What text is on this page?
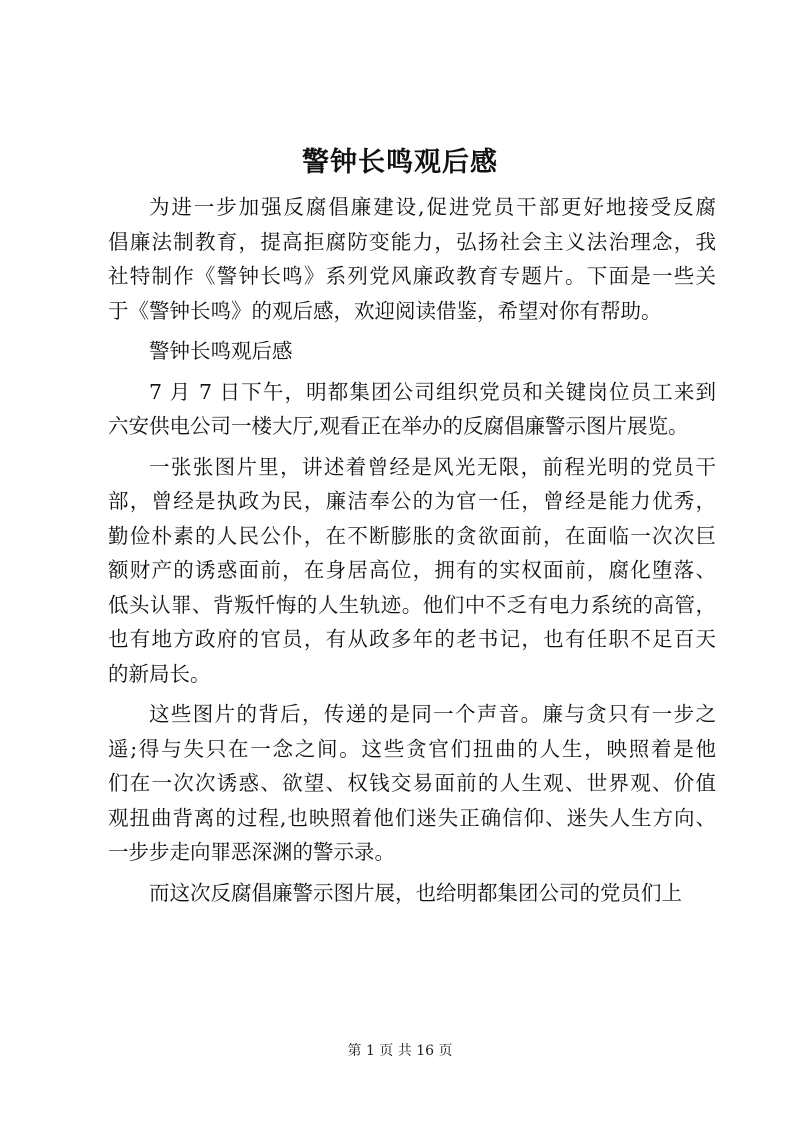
警钟长鸣观后感
为进一步加强反腐倡廉建设,促进党员干部更好地接受反腐
倡廉法制教育，提高拒腐防变能力，弘扬社会主义法治理念，我
社特制作《警钟长鸣》系列党风廉政教育专题片。下面是一些关
于《警钟长鸣》的观后感，欢迎阅读借鉴，希望对你有帮助。
警钟长鸣观后感
7 月 7 日下午，明都集团公司组织党员和关键岗位员工来到
六安供电公司一楼大厅,观看正在举办的反腐倡廉警示图片展览。
一张张图片里，讲述着曾经是风光无限，前程光明的党员干
部，曾经是执政为民，廉洁奉公的为官一任，曾经是能力优秀，
勤俭朴素的人民公仆，在不断膨胀的贪欲面前，在面临一次次巨
额财产的诱惑面前，在身居高位，拥有的实权面前，腐化堕落、
低头认罪、背叛忏悔的人生轨迹。他们中不乏有电力系统的高管，
也有地方政府的官员，有从政多年的老书记，也有任职不足百天
的新局长。
这些图片的背后，传递的是同一个声音。廉与贪只有一步之
遥;得与失只在一念之间。这些贪官们扭曲的人生，映照着是他
们在一次次诱惑、欲望、权钱交易面前的人生观、世界观、价值
观扭曲背离的过程,也映照着他们迷失正确信仰、迷失人生方向、
一步步走向罪恶深渊的警示录。
而这次反腐倡廉警示图片展，也给明都集团公司的党员们上
第 1 页 共 16 页
